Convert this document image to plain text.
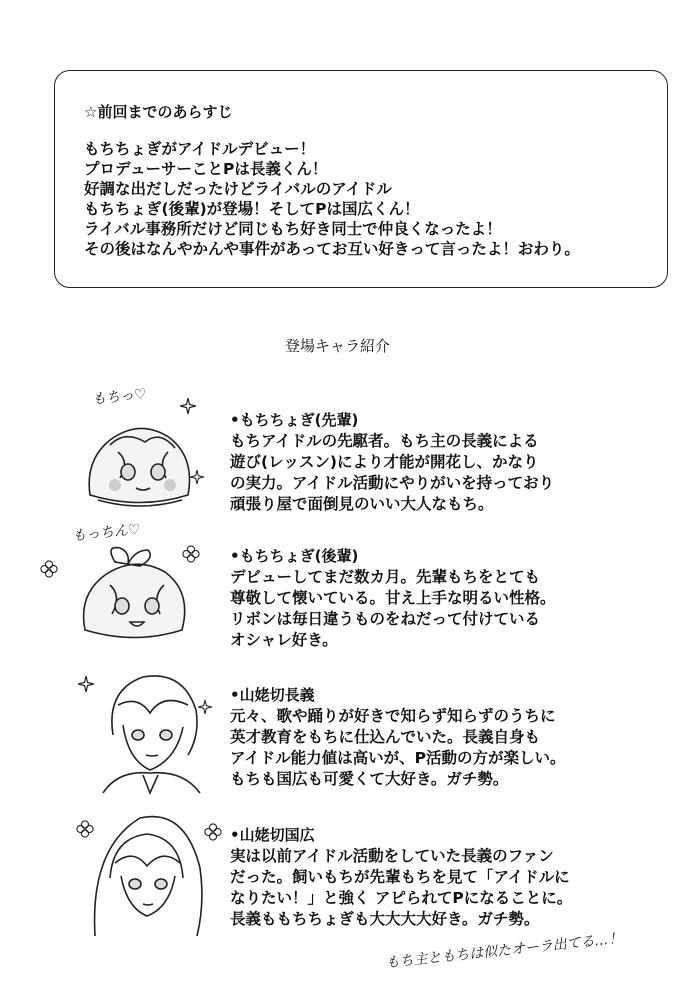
☆前回までのあらすじ
もちちょぎがアイドルデビュー！
プロデューサーことPは長義くん！
好調な出だしだったけどライバルのアイドル
もちちょぎ(後輩)が登場！そしてPは国広くん！
ライバル事務所だけど同じもち好き同士で仲良くなったよ！
その後はなんやかんや事件があってお互い好きって言ったよ！おわり。
登場キャラ紹介
もちっ♡
•もちちょぎ(先輩)
もちアイドルの先駆者。もち主の長義による
遊び(レッスン)により才能が開花し、かなり
の実力。アイドル活動にやりがいを持っており
頑張り屋で面倒見のいい大人なもち。
もっちん♡
•もちちょぎ(後輩)
デビューしてまだ数カ月。先輩もちをとても
尊敬して懐いている。甘え上手な明るい性格。
リボンは毎日違うものをねだって付けている
オシャレ好き。
•山姥切長義
元々、歌や踊りが好きで知らず知らずのうちに
英才教育をもちに仕込んでいた。長義自身も
アイドル能力値は高いが、P活動の方が楽しい。
もちも国広も可愛くて大好き。ガチ勢。
•山姥切国広
実は以前アイドル活動をしていた長義のファン
だった。飼いもちが先輩もちを見て「アイドルに
なりたい！」と強く アピられてPになることに。
長義ももちちょぎも大大大大好き。ガチ勢。
もち主ともちは似たオーラ出てる…！
